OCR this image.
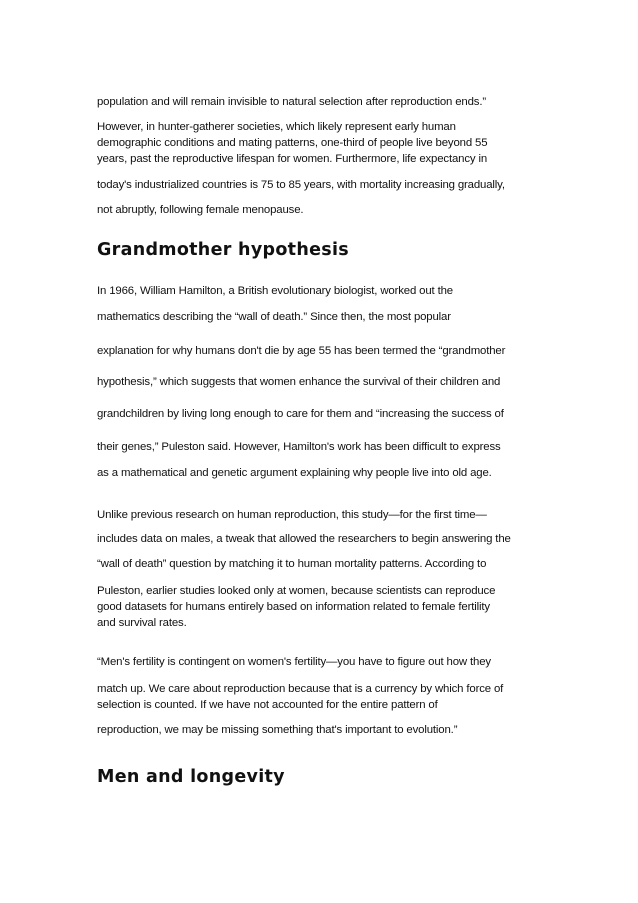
population and will remain invisible to natural selection after reproduction ends.”

However, in hunter-gatherer societies, which likely represent early human

demographic conditions and mating patterns, one-third of people live beyond 55

years, past the reproductive lifespan for women. Furthermore, life expectancy in

today's industrialized countries is 75 to 85 years, with mortality increasing gradually,

not abruptly, following female menopause.

Grandmother hypothesis

In 1966, William Hamilton, a British evolutionary biologist, worked out the

mathematics describing the “wall of death.” Since then, the most popular

explanation for why humans don't die by age 55 has been termed the “grandmother

hypothesis,” which suggests that women enhance the survival of their children and

grandchildren by living long enough to care for them and “increasing the success of

their genes,” Puleston said. However, Hamilton's work has been difficult to express

as a mathematical and genetic argument explaining why people live into old age.

Unlike previous research on human reproduction, this study—for the first time—

includes data on males, a tweak that allowed the researchers to begin answering the

“wall of death” question by matching it to human mortality patterns. According to

Puleston, earlier studies looked only at women, because scientists can reproduce

good datasets for humans entirely based on information related to female fertility

and survival rates.

“Men's fertility is contingent on women's fertility—you have to figure out how they

match up. We care about reproduction because that is a currency by which force of

selection is counted. If we have not accounted for the entire pattern of

reproduction, we may be missing something that's important to evolution.”

Men and longevity
